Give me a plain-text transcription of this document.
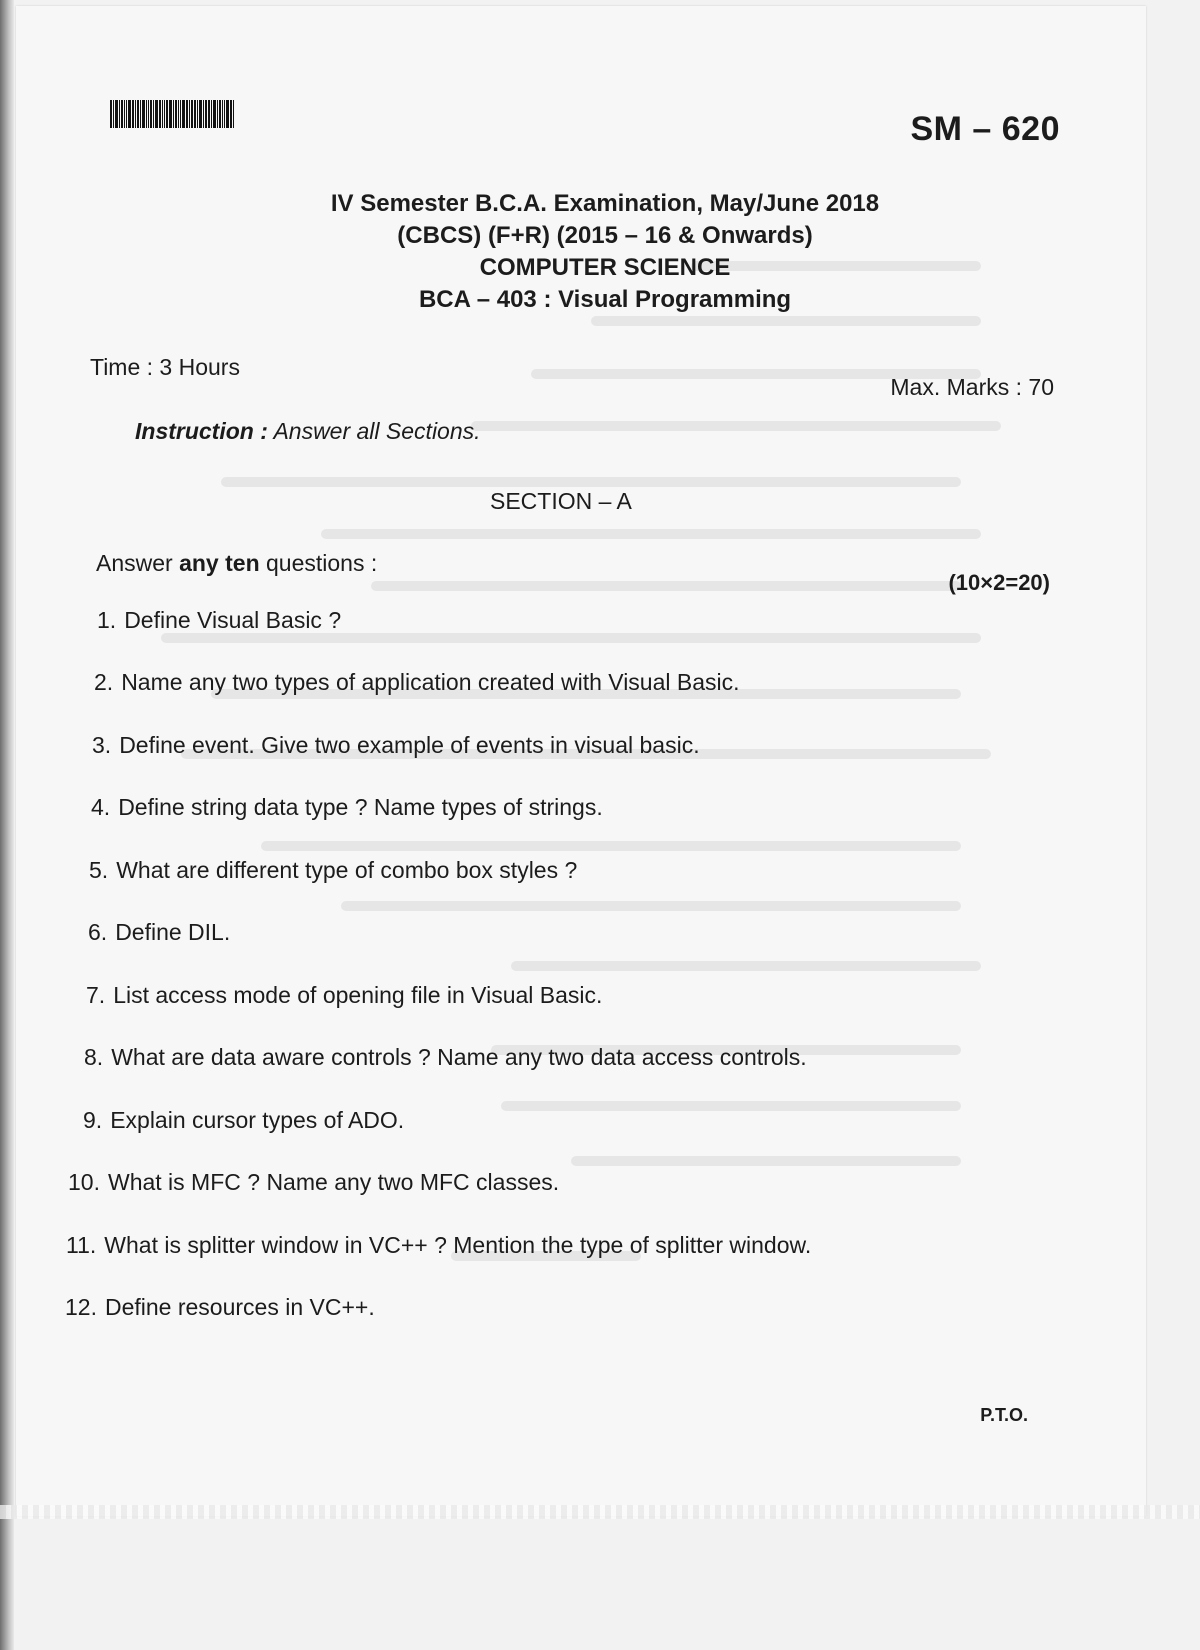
SM – 620
IV Semester B.C.A. Examination, May/June 2018
(CBCS) (F+R) (2015 – 16 & Onwards)
COMPUTER SCIENCE
BCA – 403 : Visual Programming
Time : 3 Hours
Max. Marks : 70
Instruction : Answer all Sections.
SECTION – A
Answer any ten questions :
(10×2=20)
1. Define Visual Basic ?
2. Name any two types of application created with Visual Basic.
3. Define event. Give two example of events in visual basic.
4. Define string data type ? Name types of strings.
5. What are different type of combo box styles ?
6. Define DIL.
7. List access mode of opening file in Visual Basic.
8. What are data aware controls ? Name any two data access controls.
9. Explain cursor types of ADO.
10. What is MFC ? Name any two MFC classes.
11. What is splitter window in VC++ ? Mention the type of splitter window.
12. Define resources in VC++.
P.T.O.
